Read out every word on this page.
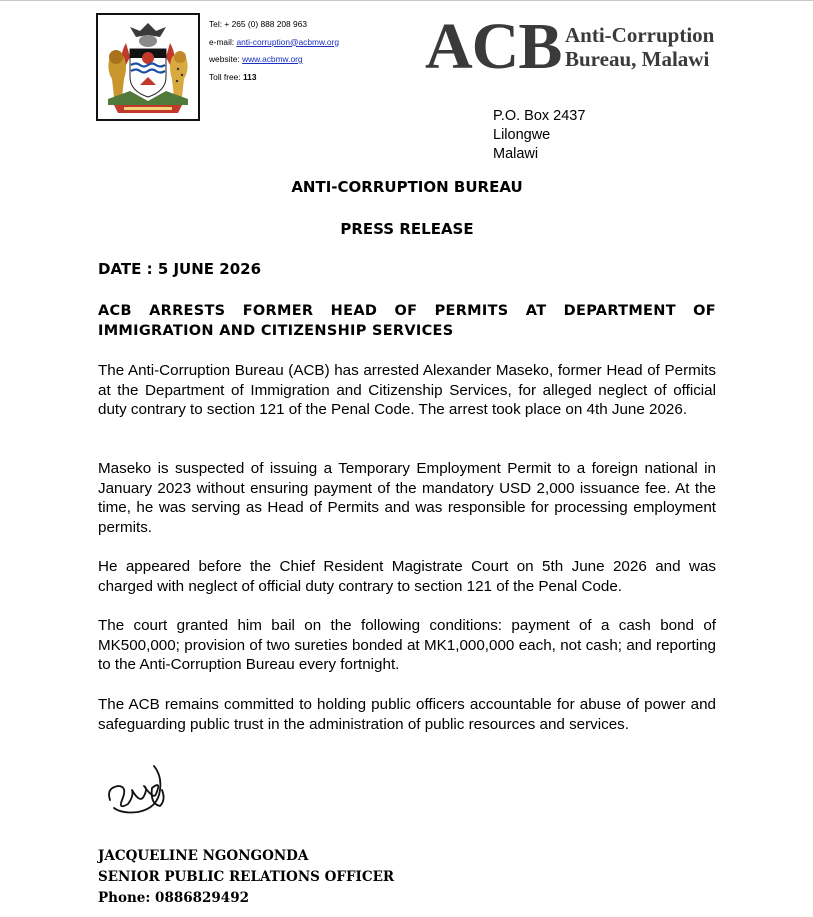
Tel: + 265 (0) 888 208 963
e-mail: anti-corruption@acbmw.org
website: www.acbmw.org
Toll free: 113	ACB Anti-Corruption
Bureau, Malawi
P.O. Box 2437
Lilongwe
Malawi
ANTI-CORRUPTION BUREAU
PRESS RELEASE
DATE : 5 JUNE 2026
ACB ARRESTS FORMER HEAD OF PERMITS AT DEPARTMENT OF
IMMIGRATION AND CITIZENSHIP SERVICES

The Anti-Corruption Bureau (ACB) has arrested Alexander Maseko, former Head of Permits at the Department of Immigration and Citizenship Services, for alleged neglect of official duty contrary to section 121 of the Penal Code. The arrest took place on 4th June 2026.

Maseko is suspected of issuing a Temporary Employment Permit to a foreign national in January 2023 without ensuring payment of the mandatory USD 2,000 issuance fee. At the time, he was serving as Head of Permits and was responsible for processing employment permits.

He appeared before the Chief Resident Magistrate Court on 5th June 2026 and was charged with neglect of official duty contrary to section 121 of the Penal Code.

The court granted him bail on the following conditions: payment of a cash bond of MK500,000; provision of two sureties bonded at MK1,000,000 each, not cash; and reporting to the Anti-Corruption Bureau every fortnight.

The ACB remains committed to holding public officers accountable for abuse of power and safeguarding public trust in the administration of public resources and services.

JACQUELINE NGONGONDA
SENIOR PUBLIC RELATIONS OFFICER
Phone: 0886829492
